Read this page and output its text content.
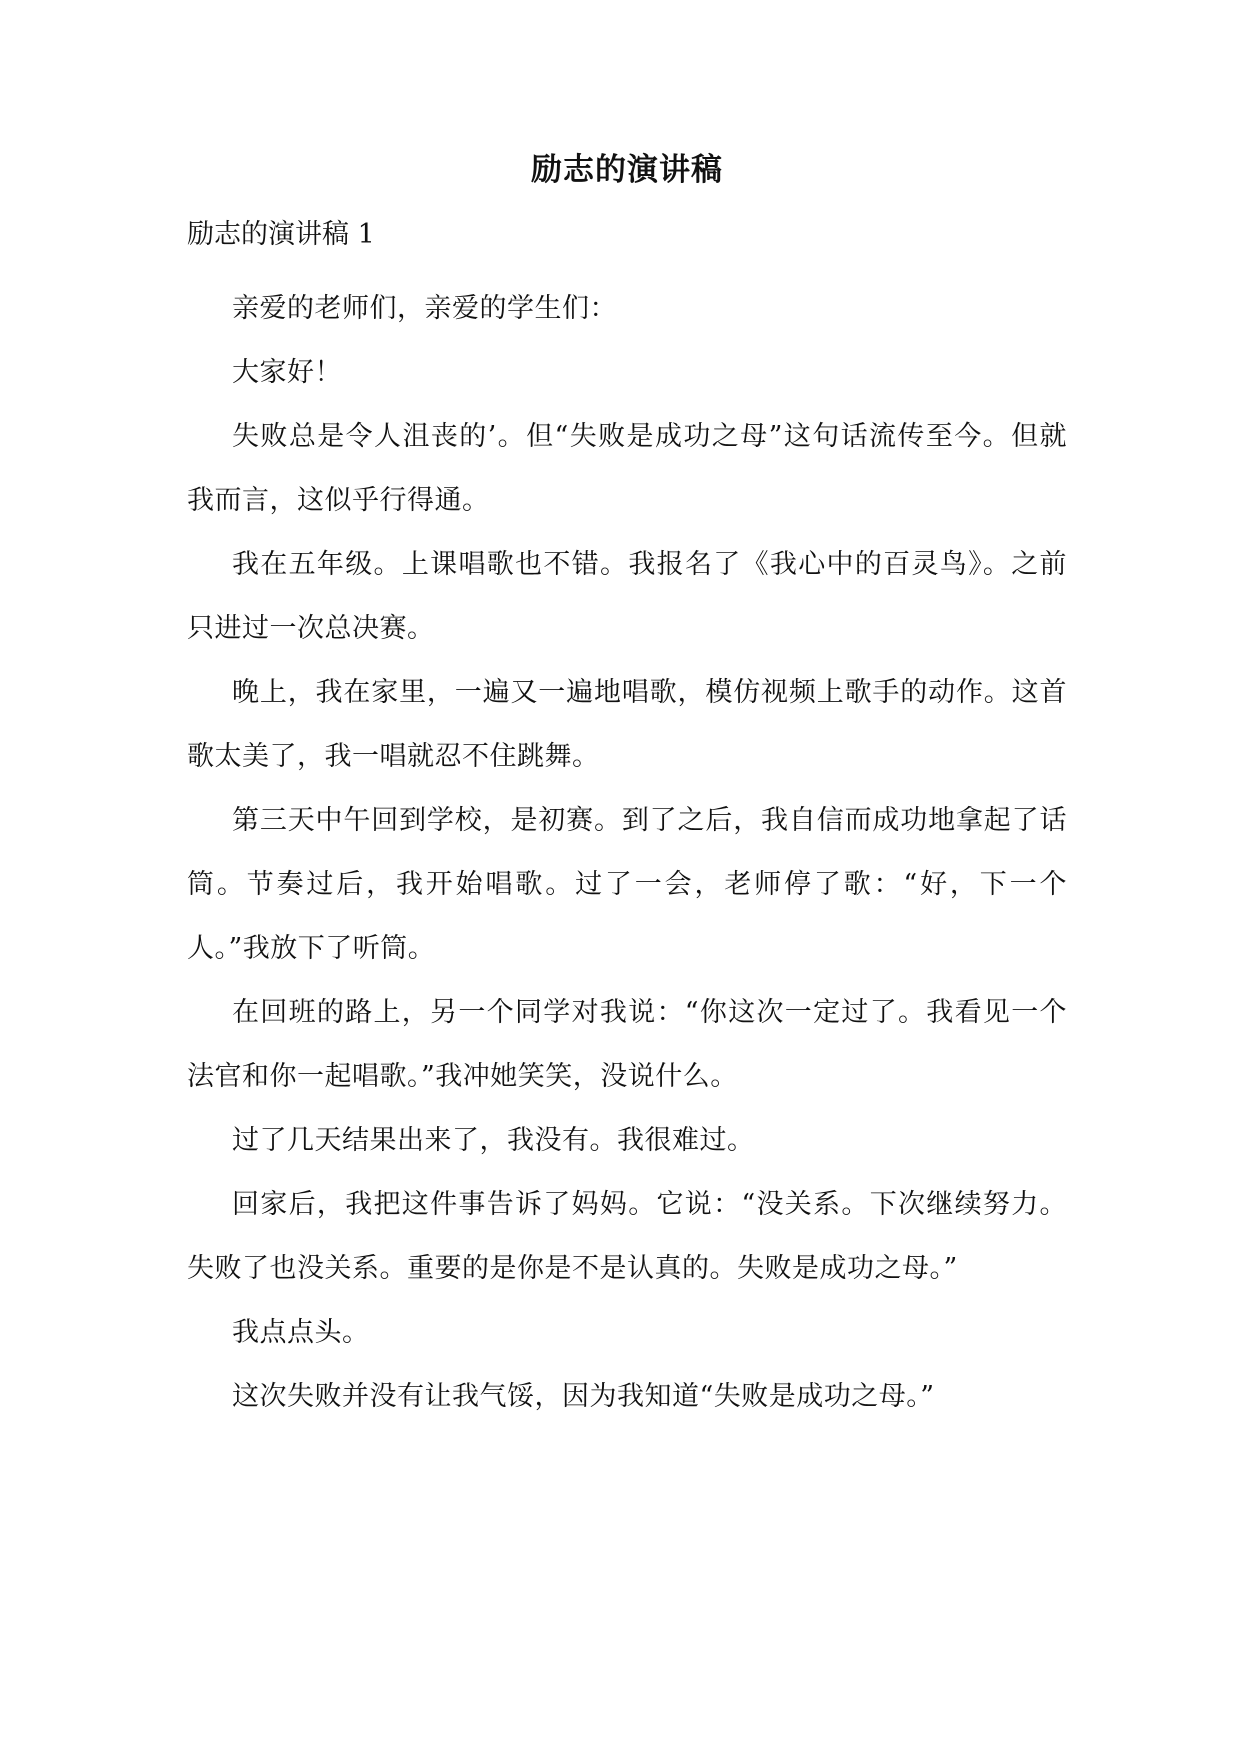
励志的演讲稿
励志的演讲稿 1

亲爱的老师们，亲爱的学生们：

大家好！

失败总是令人沮丧的’。但“失败是成功之母”这句话流传至今。但就我而言，这似乎行得通。

我在五年级。上课唱歌也不错。我报名了《我心中的百灵鸟》。之前只进过一次总决赛。

晚上，我在家里，一遍又一遍地唱歌，模仿视频上歌手的动作。这首歌太美了，我一唱就忍不住跳舞。

第三天中午回到学校，是初赛。到了之后，我自信而成功地拿起了话筒。节奏过后，我开始唱歌。过了一会，老师停了歌：“好，下一个人。”我放下了听筒。

在回班的路上，另一个同学对我说：“你这次一定过了。我看见一个法官和你一起唱歌。”我冲她笑笑，没说什么。

过了几天结果出来了，我没有。我很难过。

回家后，我把这件事告诉了妈妈。它说：“没关系。下次继续努力。失败了也没关系。重要的是你是不是认真的。失败是成功之母。”

我点点头。

这次失败并没有让我气馁，因为我知道“失败是成功之母。”
